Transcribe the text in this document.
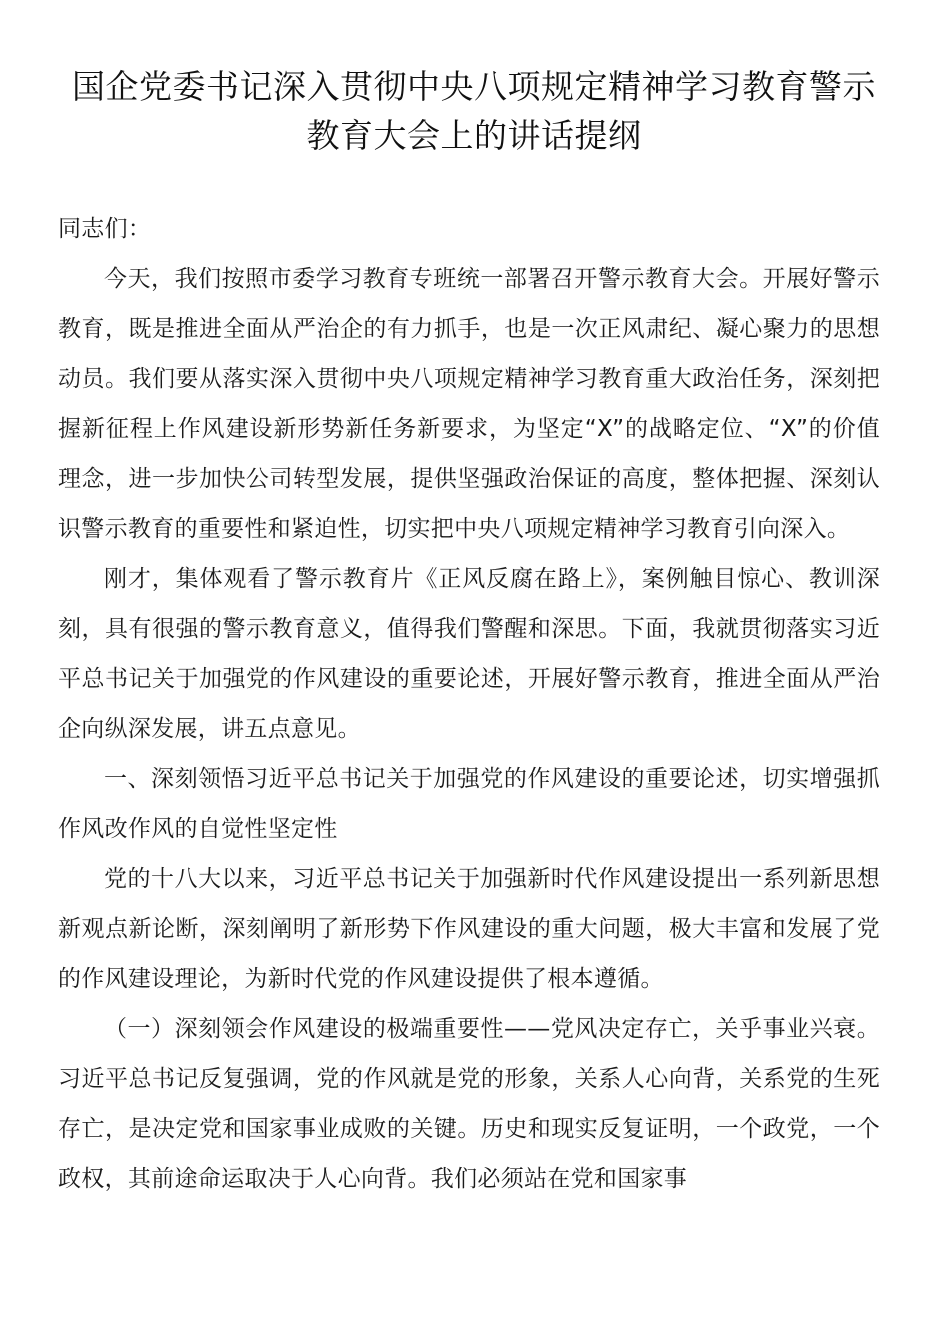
国企党委书记深入贯彻中央八项规定精神学习教育警示教育大会上的讲话提纲

同志们：

今天，我们按照市委学习教育专班统一部署召开警示教育大会。开展好警示教育，既是推进全面从严治企的有力抓手，也是一次正风肃纪、凝心聚力的思想动员。我们要从落实深入贯彻中央八项规定精神学习教育重大政治任务，深刻把握新征程上作风建设新形势新任务新要求，为坚定“X”的战略定位、“X”的价值理念，进一步加快公司转型发展，提供坚强政治保证的高度，整体把握、深刻认识警示教育的重要性和紧迫性，切实把中央八项规定精神学习教育引向深入。

刚才，集体观看了警示教育片《正风反腐在路上》，案例触目惊心、教训深刻，具有很强的警示教育意义，值得我们警醒和深思。下面，我就贯彻落实习近平总书记关于加强党的作风建设的重要论述，开展好警示教育，推进全面从严治企向纵深发展，讲五点意见。

一、深刻领悟习近平总书记关于加强党的作风建设的重要论述，切实增强抓作风改作风的自觉性坚定性

党的十八大以来，习近平总书记关于加强新时代作风建设提出一系列新思想新观点新论断，深刻阐明了新形势下作风建设的重大问题，极大丰富和发展了党的作风建设理论，为新时代党的作风建设提供了根本遵循。

（一）深刻领会作风建设的极端重要性——党风决定存亡，关乎事业兴衰。习近平总书记反复强调，党的作风就是党的形象，关系人心向背，关系党的生死存亡，是决定党和国家事业成败的关键。历史和现实反复证明，一个政党，一个政权，其前途命运取决于人心向背。我们必须站在党和国家事
